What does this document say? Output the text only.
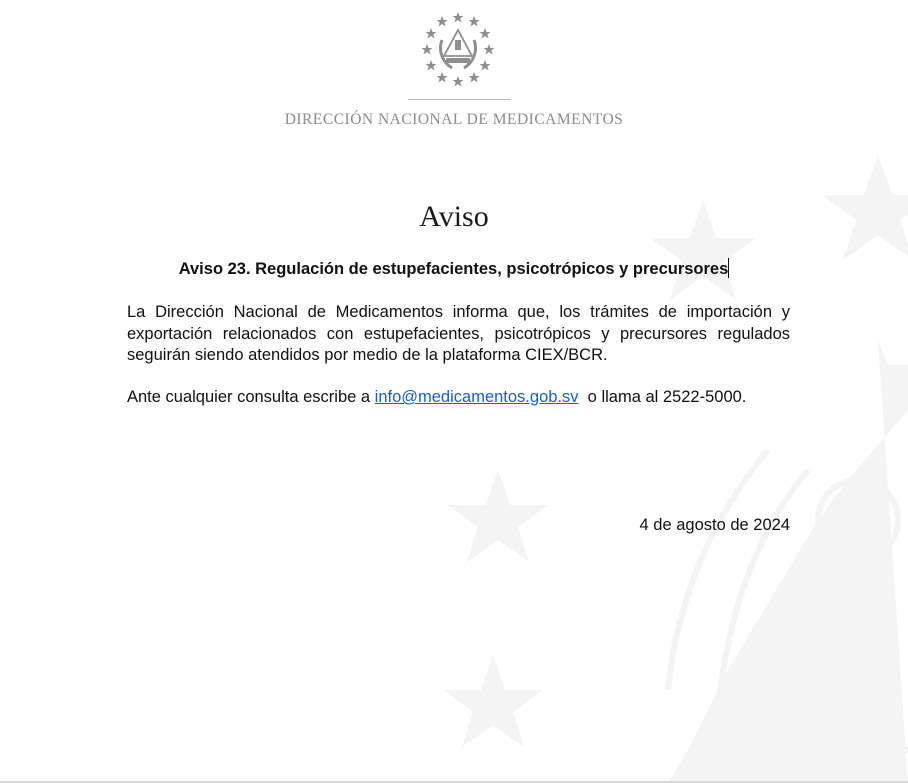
DIRECCIÓN NACIONAL DE MEDICAMENTOS
Aviso
Aviso 23. Regulación de estupefacientes, psicotrópicos y precursores
La Dirección Nacional de Medicamentos informa que, los trámites de importación y exportación relacionados con estupefacientes, psicotrópicos y precursores regulados seguirán siendo atendidos por medio de la plataforma CIEX/BCR.
Ante cualquier consulta escribe a info@medicamentos.gob.sv  o llama al 2522-5000.
4 de agosto de 2024
